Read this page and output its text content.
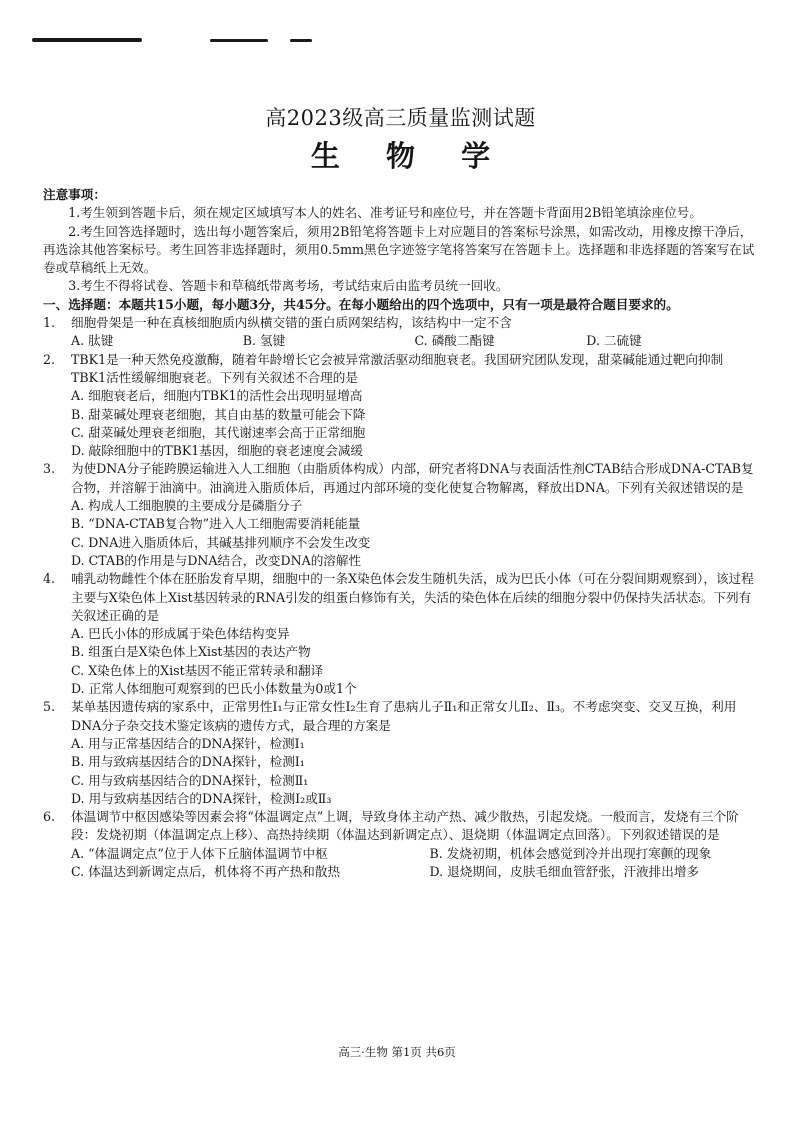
高2023级高三质量监测试题
生 物 学

注意事项：

1.考生领到答题卡后，须在规定区域填写本人的姓名、准考证号和座位号，并在答题卡背面用2B铅笔填涂座位号。

2.考生回答选择题时，选出每小题答案后，须用2B铅笔将答题卡上对应题目的答案标号涂黑，如需改动，用橡皮擦干净后，再选涂其他答案标号。考生回答非选择题时，须用0.5mm黑色字迹签字笔将答案写在答题卡上。选择题和非选择题的答案写在试卷或草稿纸上无效。

3.考生不得将试卷、答题卡和草稿纸带离考场，考试结束后由监考员统一回收。

一、选择题：本题共15小题，每小题3分，共45分。在每小题给出的四个选项中，只有一项是最符合题目要求的。

1. 细胞骨架是一种在真核细胞质内纵横交错的蛋白质网架结构，该结构中一定不含

A. 肽键	B. 氢键	C. 磷酸二酯键	D. 二硫键
2. TBK1是一种天然免疫激酶，随着年龄增长它会被异常激活驱动细胞衰老。我国研究团队发现，甜菜碱能通过靶向抑制TBK1活性缓解细胞衰老。下列有关叙述不合理的是

A. 细胞衰老后，细胞内TBK1的活性会出现明显增高

B. 甜菜碱处理衰老细胞，其自由基的数量可能会下降

C. 甜菜碱处理衰老细胞，其代谢速率会高于正常细胞

D. 敲除细胞中的TBK1基因，细胞的衰老速度会减缓

3. 为使DNA分子能跨膜运输进入人工细胞（由脂质体构成）内部，研究者将DNA与表面活性剂CTAB结合形成DNA-CTAB复合物，并溶解于油滴中。油滴进入脂质体后，再通过内部环境的变化使复合物解离，释放出DNA。下列有关叙述错误的是

A. 构成人工细胞膜的主要成分是磷脂分子

B. “DNA-CTAB复合物”进入人工细胞需要消耗能量

C. DNA进入脂质体后，其碱基排列顺序不会发生改变

D. CTAB的作用是与DNA结合，改变DNA的溶解性

4. 哺乳动物雌性个体在胚胎发育早期，细胞中的一条X染色体会发生随机失活，成为巴氏小体（可在分裂间期观察到），该过程主要与X染色体上Xist基因转录的RNA引发的组蛋白修饰有关，失活的染色体在后续的细胞分裂中仍保持失活状态。下列有关叙述正确的是

A. 巴氏小体的形成属于染色体结构变异

B. 组蛋白是X染色体上Xist基因的表达产物

C. X染色体上的Xist基因不能正常转录和翻译

D. 正常人体细胞可观察到的巴氏小体数量为0或1个

5. 某单基因遗传病的家系中，正常男性Ⅰ₁与正常女性Ⅰ₂生育了患病儿子Ⅱ₁和正常女儿Ⅱ₂、Ⅱ₃。不考虑突变、交叉互换，利用DNA分子杂交技术鉴定该病的遗传方式，最合理的方案是

A. 用与正常基因结合的DNA探针，检测Ⅰ₁

B. 用与致病基因结合的DNA探针，检测Ⅰ₁

C. 用与致病基因结合的DNA探针，检测Ⅱ₁

D. 用与致病基因结合的DNA探针，检测Ⅰ₂或Ⅱ₃

6. 体温调节中枢因感染等因素会将“体温调定点”上调，导致身体主动产热、减少散热，引起发烧。一般而言，发烧有三个阶段：发烧初期（体温调定点上移）、高热持续期（体温达到新调定点）、退烧期（体温调定点回落）。下列叙述错误的是

A. “体温调定点”位于人体下丘脑体温调节中枢	B. 发烧初期，机体会感觉到冷并出现打寒颤的现象
C. 体温达到新调定点后，机体将不再产热和散热	D. 退烧期间，皮肤毛细血管舒张，汗液排出增多
高三·生物 第1页 共6页
